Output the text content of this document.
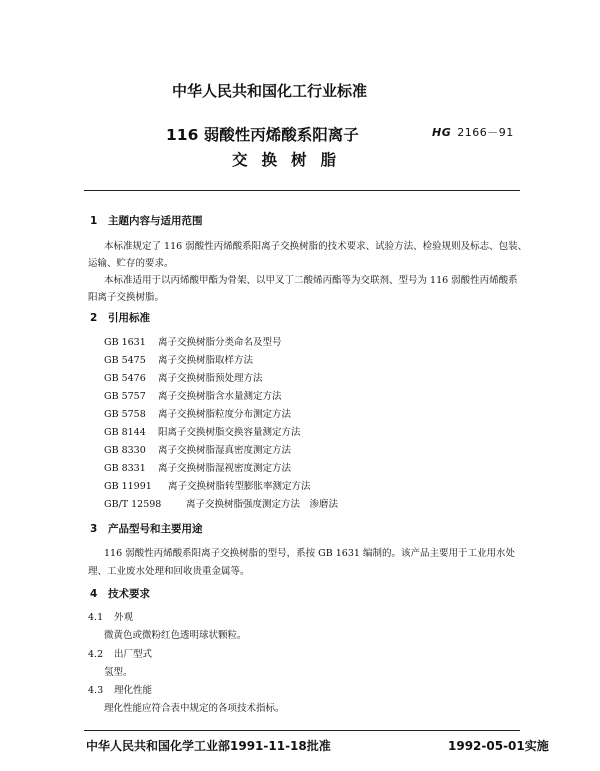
中华人民共和国化工行业标准
116 弱酸性丙烯酸系阳离子
交换树脂
HG 2166－91
1 主题内容与适用范围
本标准规定了 116 弱酸性丙烯酸系阳离子交换树脂的技术要求、试验方法、检验规则及标志、包装、
运输、贮存的要求。
本标准适用于以丙烯酸甲酯为骨架、以甲叉丁二酸烯丙酯等为交联剂、型号为 116 弱酸性丙烯酸系
阳离子交换树脂。
2 引用标准
GB 1631 离子交换树脂分类命名及型号
GB 5475 离子交换树脂取样方法
GB 5476 离子交换树脂预处理方法
GB 5757 离子交换树脂含水量测定方法
GB 5758 离子交换树脂粒度分布测定方法
GB 8144 阳离子交换树脂交换容量测定方法
GB 8330 离子交换树脂湿真密度测定方法
GB 8331 离子交换树脂湿视密度测定方法
GB 11991 离子交换树脂转型膨胀率测定方法
GB/T 12598	离子交换树脂强度测定方法　渗磨法
3 产品型号和主要用途
116 弱酸性丙烯酸系阳离子交换树脂的型号，系按 GB 1631 编制的。该产品主要用于工业用水处
理、工业废水处理和回收贵重金属等。
4 技术要求
4.1 外观
微黄色或微粉红色透明球状颗粒。
4.2 出厂型式
氢型。
4.3 理化性能
理化性能应符合表中规定的各项技术指标。
中华人民共和国化学工业部1991-11-18批准	1992-05-01实施
